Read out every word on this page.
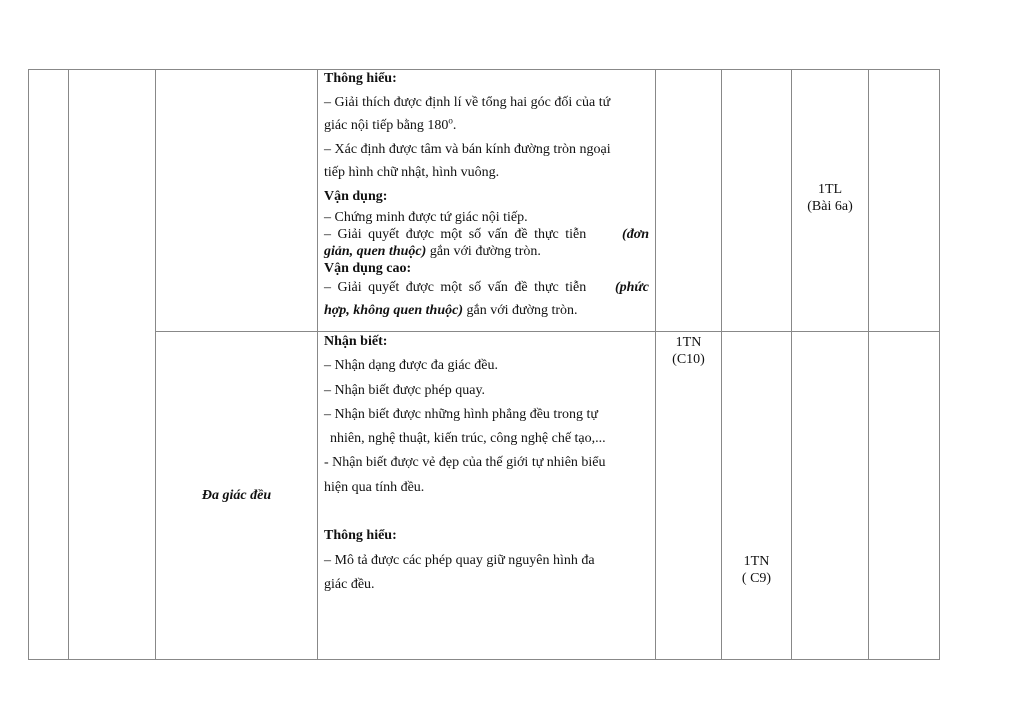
Thông hiểu:
– Giải thích được định lí về tổng hai góc đối của tứ
giác nội tiếp bằng 180$^o$.
– Xác định được tâm và bán kính đường tròn ngoại
tiếp hình chữ nhật, hình vuông.
Vận dụng:
– Chứng minh được tứ giác nội tiếp.
– Giải quyết được một số vấn đề thực tiễn	(đơn
giản, quen thuộc) gắn với đường tròn.
Vận dụng cao:
– Giải quyết được một số vấn đề thực tiễn (phức
hợp, không quen thuộc) gắn với đường tròn.
1TL
(Bài 6a)
Đa giác đều
Nhận biết:
– Nhận dạng được đa giác đều.
– Nhận biết được phép quay.
– Nhận biết được những hình phẳng đều trong tự
nhiên, nghệ thuật, kiến trúc, công nghệ chế tạo,...
- Nhận biết được vẻ đẹp của thế giới tự nhiên biểu
hiện qua tính đều.

Thông hiểu:
– Mô tả được các phép quay giữ nguyên hình đa
giác đều.
1TN
(C10)
1TN
( C9)
